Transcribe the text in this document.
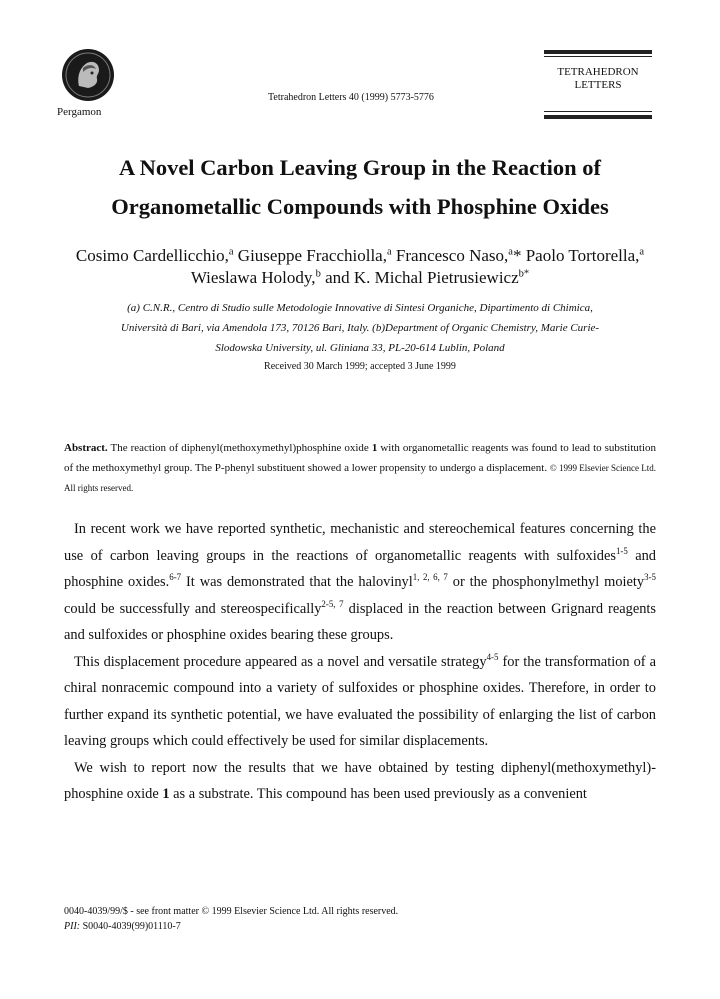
Pergamon
Tetrahedron Letters 40 (1999) 5773-5776
TETRAHEDRON
LETTERS
A Novel Carbon Leaving Group in the Reaction of
Organometallic Compounds with Phosphine Oxides
Cosimo Cardellicchio,$^a$ Giuseppe Fracchiolla,$^a$ Francesco Naso,$^a$* Paolo Tortorella,$^a$ Wieslawa Holody,$^b$ and K. Michal Pietrusiewicz$^{b*}$
(a) C.N.R., Centro di Studio sulle Metodologie Innovative di Sintesi Organiche, Dipartimento di Chimica,
Università di Bari, via Amendola 173, 70126 Bari, Italy. (b)Department of Organic Chemistry, Marie Curie-
Slodowska University, ul. Gliniana 33, PL-20-614 Lublin, Poland
Received 30 March 1999; accepted 3 June 1999
Abstract. The reaction of diphenyl(methoxymethyl)phosphine oxide 1 with organometallic reagents was found to lead to substitution of the methoxymethyl group. The P-phenyl substituent showed a lower propensity to undergo a displacement. © 1999 Elsevier Science Ltd. All rights reserved.

In recent work we have reported synthetic, mechanistic and stereochemical features concerning the use of carbon leaving groups in the reactions of organometallic reagents with sulfoxides$^{1-5}$ and phosphine oxides.$^{6-7}$ It was demonstrated that the halovinyl$^{1, 2, 6, 7}$ or the phosphonylmethyl moiety$^{3-5}$ could be successfully and stereospecifically$^{2-5, 7}$ displaced in the reaction between Grignard reagents and sulfoxides or phosphine oxides bearing these groups.

This displacement procedure appeared as a novel and versatile strategy$^{4-5}$ for the transformation of a chiral nonracemic compound into a variety of sulfoxides or phosphine oxides. Therefore, in order to further expand its synthetic potential, we have evaluated the possibility of enlarging the list of carbon leaving groups which could effectively be used for similar displacements.

We wish to report now the results that we have obtained by testing diphenyl(methoxymethyl)-phosphine oxide 1 as a substrate. This compound has been used previously as a convenient

0040-4039/99/$ - see front matter © 1999 Elsevier Science Ltd. All rights reserved.
PII: S0040-4039(99)01110-7
